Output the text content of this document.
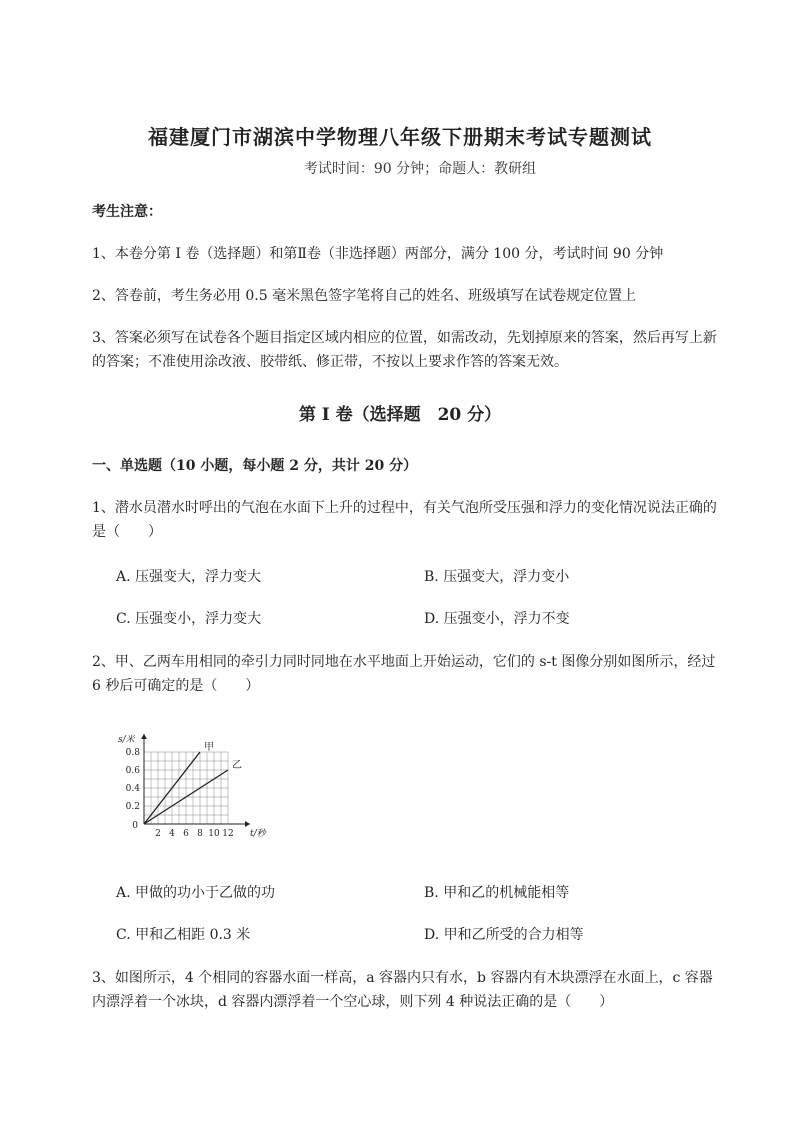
福建厦门市湖滨中学物理八年级下册期末考试专题测试
考试时间：90 分钟；命题人：教研组
考生注意：
1、本卷分第 I 卷（选择题）和第Ⅱ卷（非选择题）两部分，满分 100 分，考试时间 90 分钟
2、答卷前，考生务必用 0.5 毫米黑色签字笔将自己的姓名、班级填写在试卷规定位置上
3、答案必须写在试卷各个题目指定区域内相应的位置，如需改动，先划掉原来的答案，然后再写上新的答案；不准使用涂改液、胶带纸、修正带，不按以上要求作答的答案无效。
第 I 卷（选择题　20 分）
一、单选题（10 小题，每小题 2 分，共计 20 分）
1、潜水员潜水时呼出的气泡在水面下上升的过程中，有关气泡所受压强和浮力的变化情况说法正确的是（　　）
A. 压强变大，浮力变大	B. 压强变大，浮力变小
C. 压强变小，浮力变大	D. 压强变小，浮力不变
2、甲、乙两车用相同的牵引力同时同地在水平地面上开始运动，它们的 s-t 图像分别如图所示，经过 6 秒后可确定的是（　　）
2 4 6 8 10 12
0.2
0.4
0.6
0.8
0
s/米
t/秒
甲
乙
A. 甲做的功小于乙做的功	B. 甲和乙的机械能相等
C. 甲和乙相距 0.3 米	D. 甲和乙所受的合力相等
3、如图所示，4 个相同的容器水面一样高，a 容器内只有水，b 容器内有木块漂浮在水面上，c 容器内漂浮着一个冰块，d 容器内漂浮着一个空心球，则下列 4 种说法正确的是（　　）
